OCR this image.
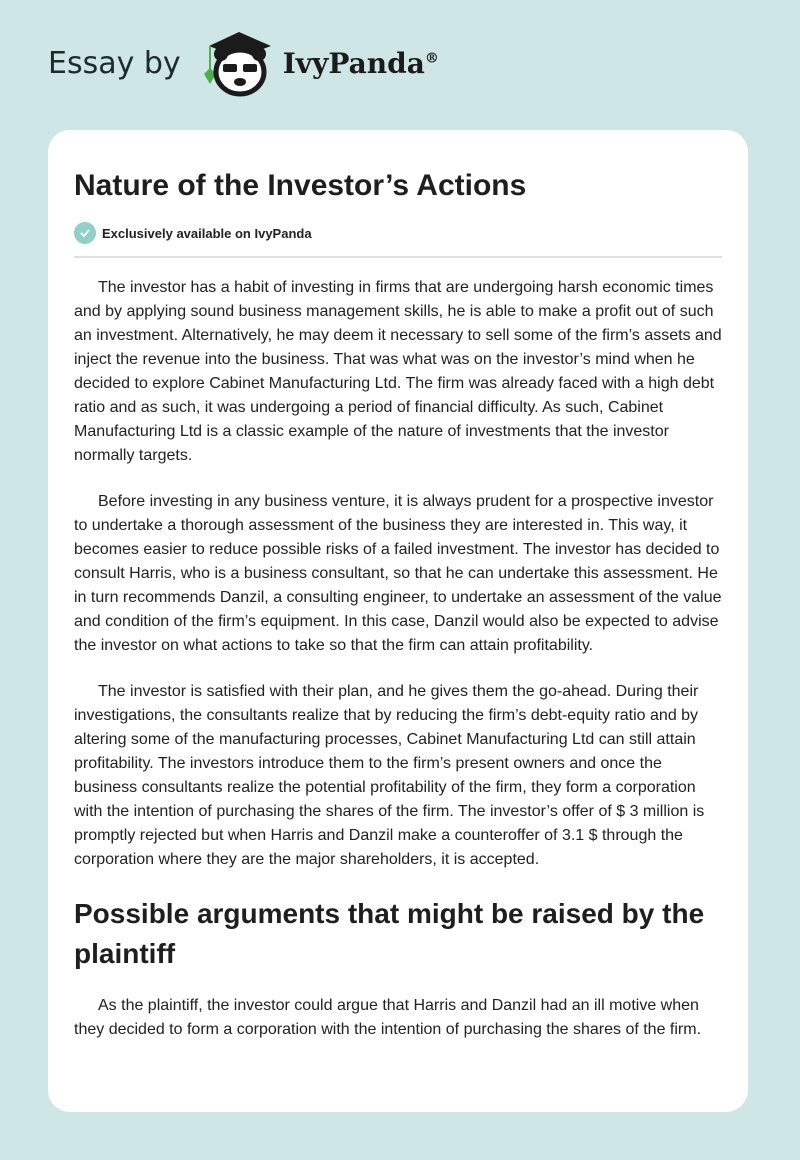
Essay by	IvyPanda®
Nature of the Investor’s Actions
Exclusively available on IvyPanda

The investor has a habit of investing in firms that are undergoing harsh economic times and by applying sound business management skills, he is able to make a profit out of such an investment. Alternatively, he may deem it necessary to sell some of the firm’s assets and inject the revenue into the business. That was what was on the investor’s mind when he decided to explore Cabinet Manufacturing Ltd. The firm was already faced with a high debt ratio and as such, it was undergoing a period of financial difficulty. As such, Cabinet Manufacturing Ltd is a classic example of the nature of investments that the investor normally targets.

Before investing in any business venture, it is always prudent for a prospective investor to undertake a thorough assessment of the business they are interested in. This way, it becomes easier to reduce possible risks of a failed investment. The investor has decided to consult Harris, who is a business consultant, so that he can undertake this assessment. He in turn recommends Danzil, a consulting engineer, to undertake an assessment of the value and condition of the firm’s equipment. In this case, Danzil would also be expected to advise the investor on what actions to take so that the firm can attain profitability.

The investor is satisfied with their plan, and he gives them the go-ahead. During their investigations, the consultants realize that by reducing the firm’s debt-equity ratio and by altering some of the manufacturing processes, Cabinet Manufacturing Ltd can still attain profitability. The investors introduce them to the firm’s present owners and once the business consultants realize the potential profitability of the firm, they form a corporation with the intention of purchasing the shares of the firm. The investor’s offer of $ 3 million is promptly rejected but when Harris and Danzil make a counteroffer of 3.1 $ through the corporation where they are the major shareholders, it is accepted.

Possible arguments that might be raised by the plaintiff

As the plaintiff, the investor could argue that Harris and Danzil had an ill motive when they decided to form a corporation with the intention of purchasing the shares of the firm.
